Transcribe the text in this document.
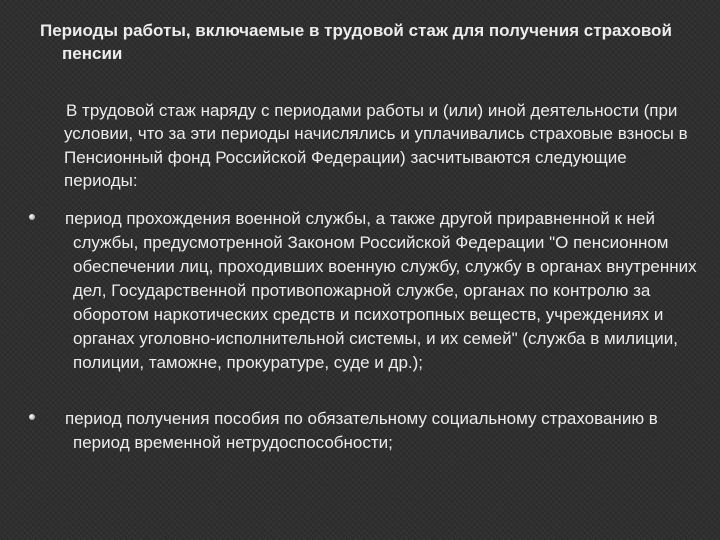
Периоды работы, включаемые в трудовой стаж для получения страховой пенсии

В трудовой стаж наряду с периодами работы и (или) иной деятельности (при условии, что за эти периоды начислялись и уплачивались страховые взносы в Пенсионный фонд Российской Федерации) засчитываются следующие периоды:

период прохождения военной службы, а также другой приравненной к ней службы, предусмотренной Законом Российской Федерации "О пенсионном обеспечении лиц, проходивших военную службу, службу в органах внутренних дел, Государственной противопожарной службе, органах по контролю за оборотом наркотических средств и психотропных веществ, учреждениях и органах уголовно-исполнительной системы, и их семей" (служба в милиции, полиции, таможне, прокуратуре, суде и др.);

период получения пособия по обязательному социальному страхованию в период временной нетрудоспособности;
